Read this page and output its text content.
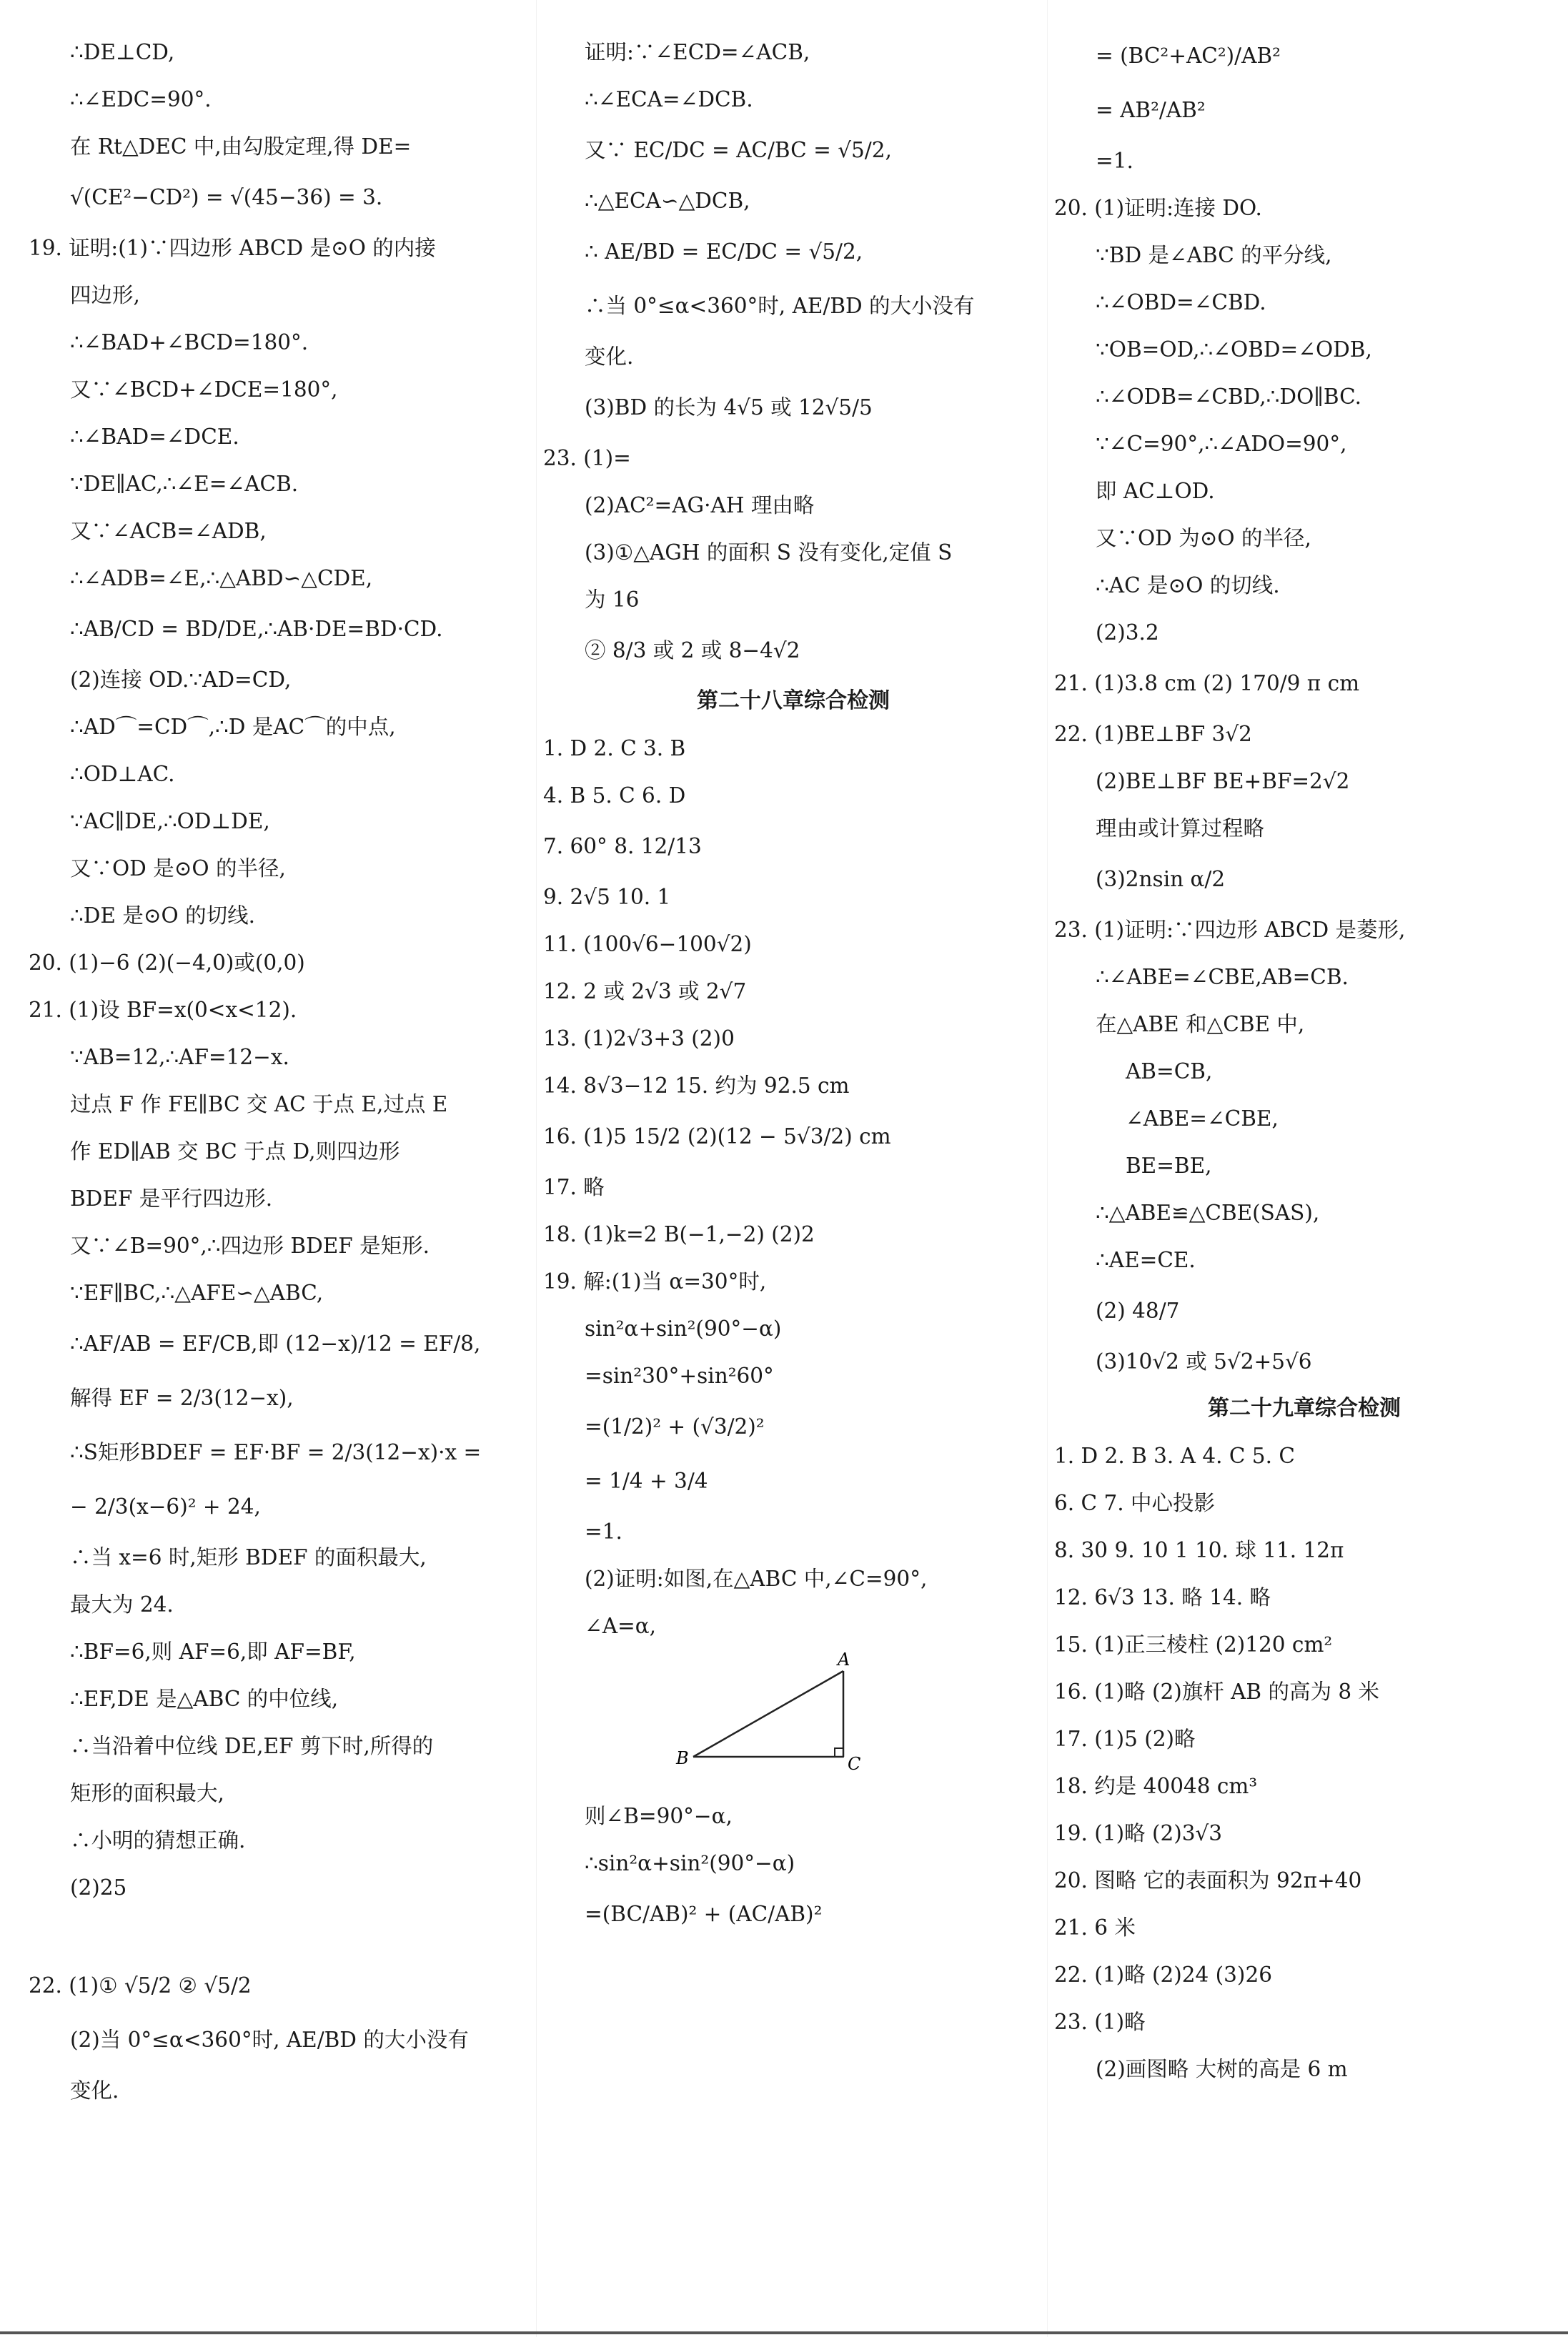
∴DE⊥CD,
∴∠EDC=90°.
在 Rt△DEC 中,由勾股定理,得 DE=
√(CE²−CD²) = √(45−36) = 3.
19. 证明:(1)∵四边形 ABCD 是⊙O 的内接
四边形,
∴∠BAD+∠BCD=180°.
又∵∠BCD+∠DCE=180°,
∴∠BAD=∠DCE.
∵DE∥AC,∴∠E=∠ACB.
又∵∠ACB=∠ADB,
∴∠ADB=∠E,∴△ABD∽△CDE,
∴AB/CD = BD/DE,∴AB·DE=BD·CD.
(2)连接 OD.∵AD=CD,
∴AD⌒=CD⌒,∴D 是AC⌒的中点,
∴OD⊥AC.
∵AC∥DE,∴OD⊥DE,
又∵OD 是⊙O 的半径,
∴DE 是⊙O 的切线.
20. (1)−6 (2)(−4,0)或(0,0)
21. (1)设 BF=x(0<x<12).
∵AB=12,∴AF=12−x.
过点 F 作 FE∥BC 交 AC 于点 E,过点 E
作 ED∥AB 交 BC 于点 D,则四边形
BDEF 是平行四边形.
又∵∠B=90°,∴四边形 BDEF 是矩形.
∵EF∥BC,∴△AFE∽△ABC,
∴AF/AB = EF/CB,即 (12−x)/12 = EF/8,
解得 EF = 2/3(12−x),
∴S矩形BDEF = EF·BF = 2/3(12−x)·x =
− 2/3(x−6)² + 24,
∴当 x=6 时,矩形 BDEF 的面积最大,
最大为 24.
∴BF=6,则 AF=6,即 AF=BF,
∴EF,DE 是△ABC 的中位线,
∴当沿着中位线 DE,EF 剪下时,所得的
矩形的面积最大,
∴小明的猜想正确.
(2)25
22. (1)① √5/2 ② √5/2
(2)当 0°≤α<360°时, AE/BD 的大小没有
变化.
证明:∵∠ECD=∠ACB,
∴∠ECA=∠DCB.
又∵ EC/DC = AC/BC = √5/2,
∴△ECA∽△DCB,
∴ AE/BD = EC/DC = √5/2,
∴当 0°≤α<360°时, AE/BD 的大小没有
变化.
(3)BD 的长为 4√5 或 12√5/5
23. (1)=
(2)AC²=AG·AH 理由略
(3)①△AGH 的面积 S 没有变化,定值 S
为 16
② 8/3 或 2 或 8−4√2
第二十八章综合检测
1. D 2. C 3. B
4. B 5. C 6. D
7. 60° 8. 12/13
9. 2√5 10. 1
11. (100√6−100√2)
12. 2 或 2√3 或 2√7
13. (1)2√3+3 (2)0
14. 8√3−12 15. 约为 92.5 cm
16. (1)5 15/2 (2)(12 − 5√3/2) cm
17. 略
18. (1)k=2 B(−1,−2) (2)2
19. 解:(1)当 α=30°时,
sin²α+sin²(90°−α)
=sin²30°+sin²60°
=(1/2)² + (√3/2)²
= 1/4 + 3/4
=1.
(2)证明:如图,在△ABC 中,∠C=90°,
∠A=α,
A
B	C
则∠B=90°−α,
∴sin²α+sin²(90°−α)
=(BC/AB)² + (AC/AB)²
= (BC²+AC²)/AB²
= AB²/AB²
=1.
20. (1)证明:连接 DO.
∵BD 是∠ABC 的平分线,
∴∠OBD=∠CBD.
∵OB=OD,∴∠OBD=∠ODB,
∴∠ODB=∠CBD,∴DO∥BC.
∵∠C=90°,∴∠ADO=90°,
即 AC⊥OD.
又∵OD 为⊙O 的半径,
∴AC 是⊙O 的切线.
(2)3.2
21. (1)3.8 cm (2) 170/9 π cm
22. (1)BE⊥BF 3√2
(2)BE⊥BF BE+BF=2√2
理由或计算过程略
(3)2nsin α/2
23. (1)证明:∵四边形 ABCD 是菱形,
∴∠ABE=∠CBE,AB=CB.
在△ABE 和△CBE 中,
AB=CB,
∠ABE=∠CBE,
BE=BE,
∴△ABE≌△CBE(SAS),
∴AE=CE.
(2) 48/7
(3)10√2 或 5√2+5√6
第二十九章综合检测
1. D 2. B 3. A 4. C 5. C
6. C 7. 中心投影
8. 30 9. 10 1 10. 球 11. 12π
12. 6√3 13. 略 14. 略
15. (1)正三棱柱 (2)120 cm²
16. (1)略 (2)旗杆 AB 的高为 8 米
17. (1)5 (2)略
18. 约是 40048 cm³
19. (1)略 (2)3√3
20. 图略 它的表面积为 92π+40
21. 6 米
22. (1)略 (2)24 (3)26
23. (1)略
(2)画图略 大树的高是 6 m
